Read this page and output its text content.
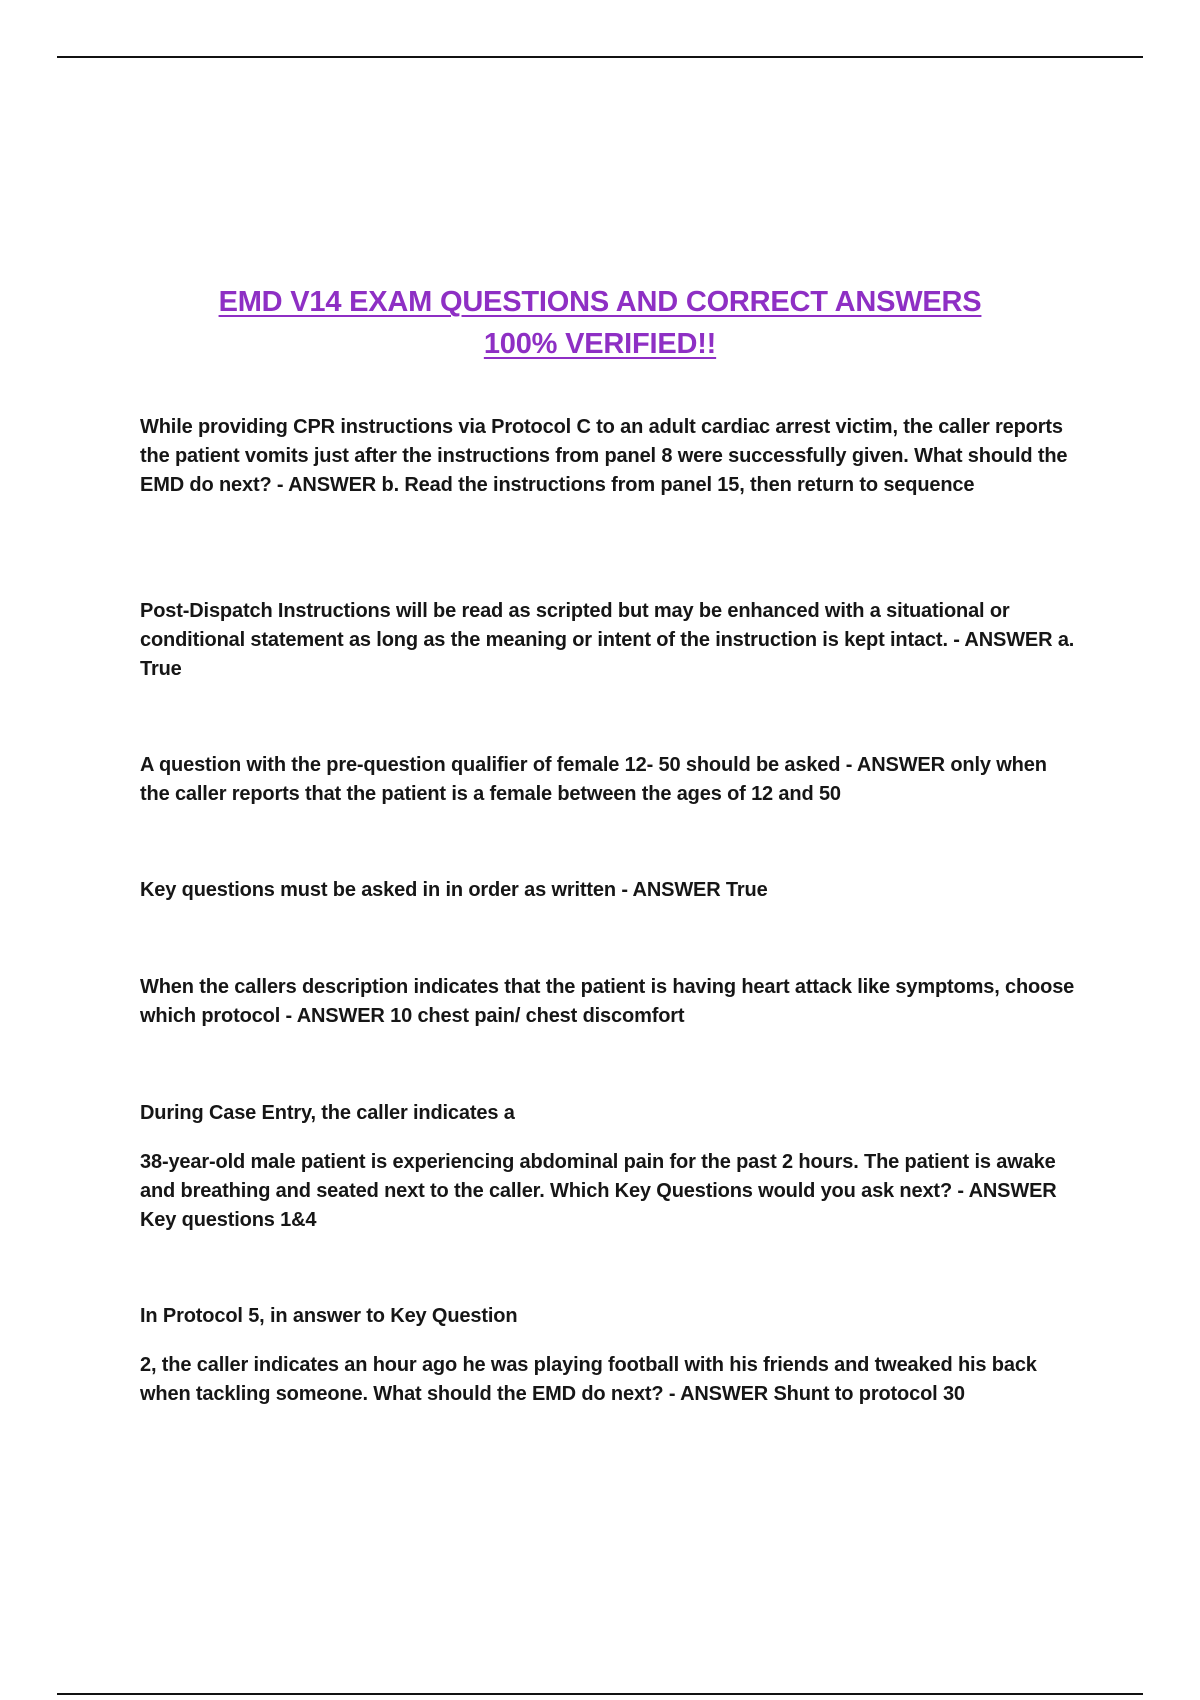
EMD V14 EXAM QUESTIONS AND CORRECT ANSWERS
100% VERIFIED!!

While providing CPR instructions via Protocol C to an adult cardiac arrest victim, the caller reports the patient vomits just after the instructions from panel 8 were successfully given. What should the EMD do next? - ANSWER b. Read the instructions from panel 15, then return to sequence

Post-Dispatch Instructions will be read as scripted but may be enhanced with a situational or conditional statement as long as the meaning or intent of the instruction is kept intact. - ANSWER a. True

A question with the pre-question qualifier of female 12- 50 should be asked - ANSWER only when the caller reports that the patient is a female between the ages of 12 and 50

Key questions must be asked in in order as written - ANSWER True

When the callers description indicates that the patient is having heart attack like symptoms, choose which protocol - ANSWER 10 chest pain/ chest discomfort

During Case Entry, the caller indicates a

38-year-old male patient is experiencing abdominal pain for the past 2 hours. The patient is awake and breathing and seated next to the caller. Which Key Questions would you ask next? - ANSWER Key questions 1&4

In Protocol 5, in answer to Key Question

2, the caller indicates an hour ago he was playing football with his friends and tweaked his back when tackling someone. What should the EMD do next? - ANSWER Shunt to protocol 30
